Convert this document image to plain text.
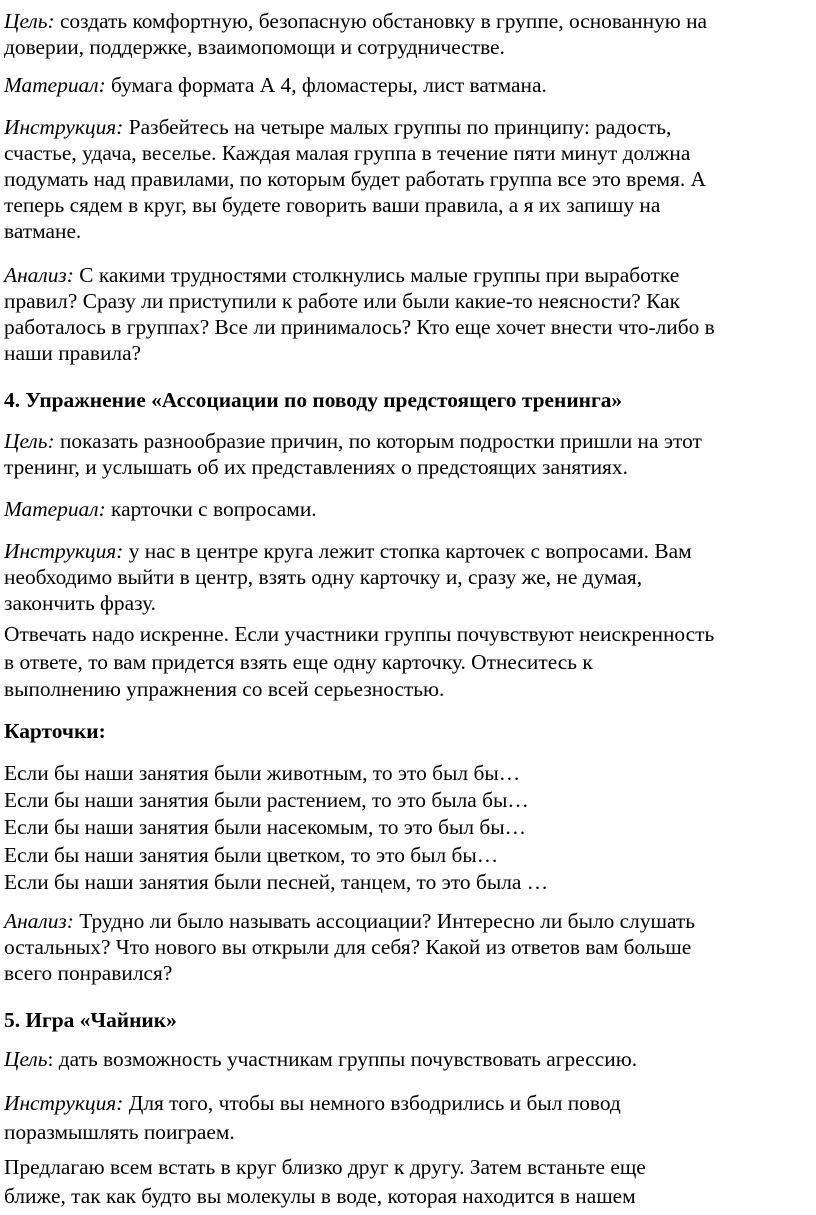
Цель: создать комфортную, безопасную обстановку в группе, основанную на
доверии, поддержке, взаимопомощи и сотрудничестве.
Материал: бумага формата А 4, фломастеры, лист ватмана.
Инструкция: Разбейтесь на четыре малых группы по принципу: радость,
счастье, удача, веселье. Каждая малая группа в течение пяти минут должна
подумать над правилами, по которым будет работать группа все это время. А
теперь сядем в круг, вы будете говорить ваши правила, а я их запишу на
ватмане.
Анализ: С какими трудностями столкнулись малые группы при выработке
правил? Сразу ли приступили к работе или были какие-то неясности? Как
работалось в группах? Все ли принималось? Кто еще хочет внести что-либо в
наши правила?
4. Упражнение «Ассоциации по поводу предстоящего тренинга»
Цель: показать разнообразие причин, по которым подростки пришли на этот
тренинг, и услышать об их представлениях о предстоящих занятиях.
Материал: карточки с вопросами.
Инструкция: у нас в центре круга лежит стопка карточек с вопросами. Вам
необходимо выйти в центр, взять одну карточку и, сразу же, не думая,
закончить фразу.
Отвечать надо искренне. Если участники группы почувствуют неискренность
в ответе, то вам придется взять еще одну карточку. Отнеситесь к
выполнению упражнения со всей серьезностью.
Карточки:
Если бы наши занятия были животным, то это был бы…
Если бы наши занятия были растением, то это была бы…
Если бы наши занятия были насекомым, то это был бы…
Если бы наши занятия были цветком, то это был бы…
Если бы наши занятия были песней, танцем, то это была …
Анализ: Трудно ли было называть ассоциации? Интересно ли было слушать
остальных? Что нового вы открыли для себя? Какой из ответов вам больше
всего понравился?
5. Игра «Чайник»
Цель: дать возможность участникам группы почувствовать агрессию.
Инструкция: Для того, чтобы вы немного взбодрились и был повод
поразмышлять поиграем.
Предлагаю всем встать в круг близко друг к другу. Затем встаньте еще
ближе, так как будто вы молекулы в воде, которая находится в нашем
